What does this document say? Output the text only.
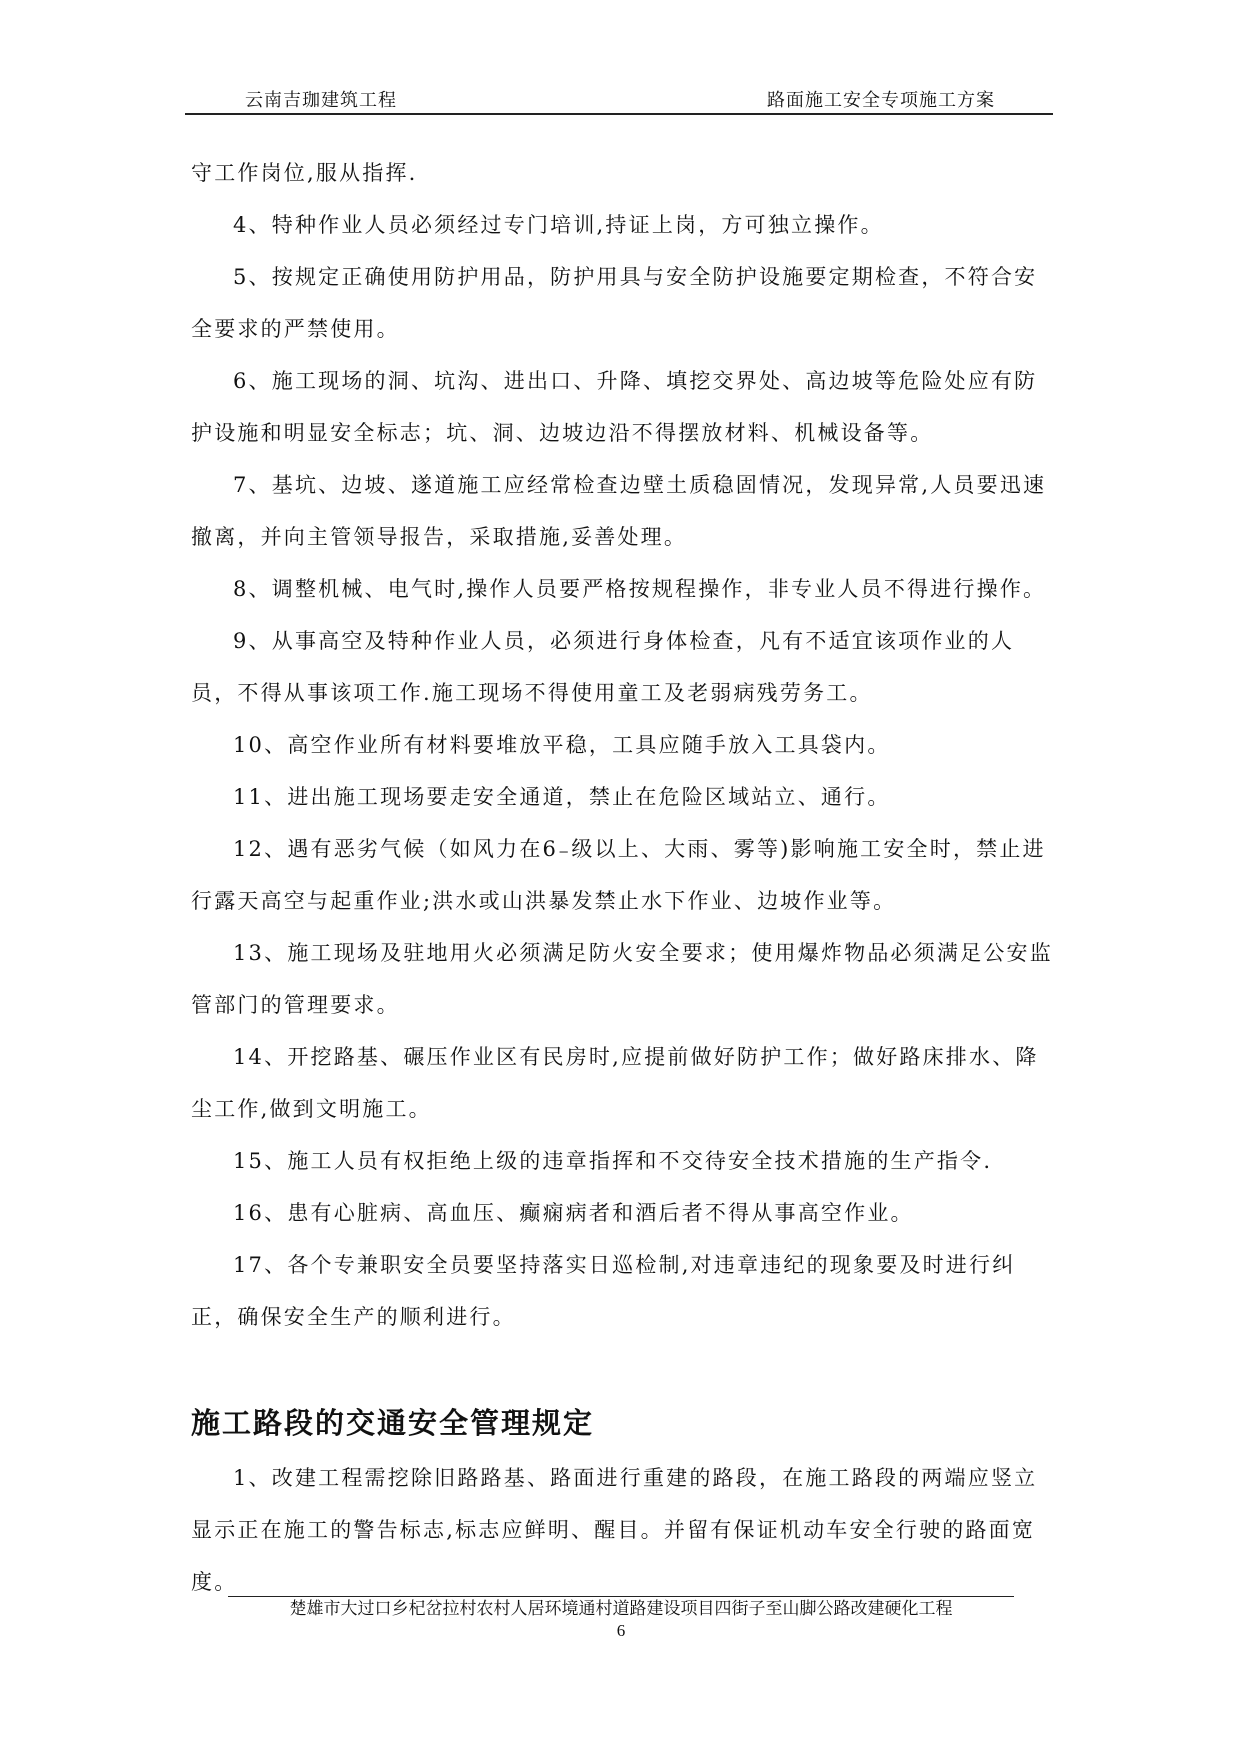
云南吉珈建筑工程	路面施工安全专项施工方案

守工作岗位,服从指挥.

4、特种作业人员必须经过专门培训,持证上岗，方可独立操作。

5、按规定正确使用防护用品，防护用具与安全防护设施要定期检查，不符合安全要求的严禁使用。

6、施工现场的洞、坑沟、进出口、升降、填挖交界处、高边坡等危险处应有防护设施和明显安全标志；坑、洞、边坡边沿不得摆放材料、机械设备等。

7、基坑、边坡、遂道施工应经常检查边壁土质稳固情况，发现异常,人员要迅速撤离，并向主管领导报告，采取措施,妥善处理。

8、调整机械、电气时,操作人员要严格按规程操作，非专业人员不得进行操作。

9、从事高空及特种作业人员，必须进行身体检查，凡有不适宜该项作业的人员，不得从事该项工作.施工现场不得使用童工及老弱病残劳务工。

10、高空作业所有材料要堆放平稳，工具应随手放入工具袋内。

11、进出施工现场要走安全通道，禁止在危险区域站立、通行。

12、遇有恶劣气候（如风力在6₋级以上、大雨、雾等)影响施工安全时，禁止进行露天高空与起重作业;洪水或山洪暴发禁止水下作业、边坡作业等。

13、施工现场及驻地用火必须满足防火安全要求；使用爆炸物品必须满足公安监管部门的管理要求。

14、开挖路基、碾压作业区有民房时,应提前做好防护工作；做好路床排水、降尘工作,做到文明施工。

15、施工人员有权拒绝上级的违章指挥和不交待安全技术措施的生产指令.

16、患有心脏病、高血压、癫痫病者和酒后者不得从事高空作业。

17、各个专兼职安全员要坚持落实日巡检制,对违章违纪的现象要及时进行纠正，确保安全生产的顺利进行。

施工路段的交通安全管理规定

1、改建工程需挖除旧路路基、路面进行重建的路段，在施工路段的两端应竖立显示正在施工的警告标志,标志应鲜明、醒目。并留有保证机动车安全行驶的路面宽度。

楚雄市大过口乡杞岔拉村农村人居环境通村道路建设项目四街子至山脚公路改建硬化工程
6
